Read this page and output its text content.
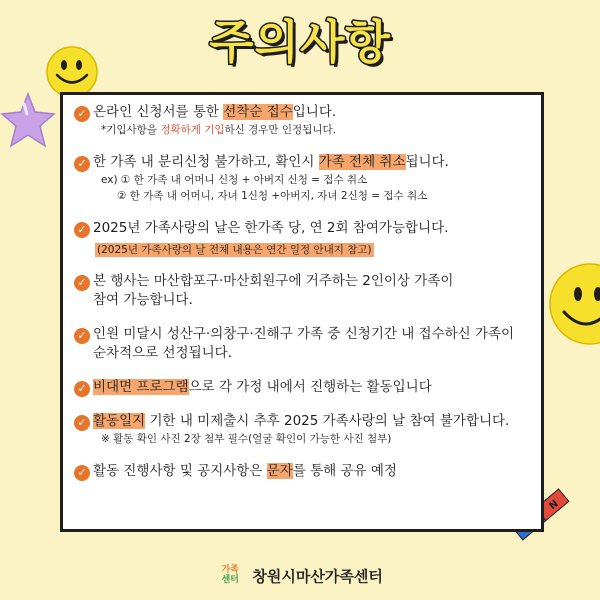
주의사항
N
✓ 온라인 신청서를 통한 선착순 접수입니다.
*기입사항을 정확하게 기입하신 경우만 인정됩니다.
✓ 한 가족 내 분리신청 불가하고, 확인시 가족 전체 취소됩니다.
ex) ① 한 가족 내 어머니 신청 + 아버지 신청 = 접수 취소
② 한 가족 내 어머니, 자녀 1신청 +아버지, 자녀 2신청 = 접수 취소
✓ 2025년 가족사랑의 날은 한가족 당, 연 2회 참여가능합니다.
(2025년 가족사랑의 날 전체 내용은 연간 일정 안내지 참고)
✓ 본 행사는 마산합포구·마산회원구에 거주하는 2인이상 가족이
참여 가능합니다.
✓ 인원 미달시 성산구·의창구·진해구 가족 중 신청기간 내 접수하신 가족이
순차적으로 선정됩니다.
✓ 비대면 프로그램으로 각 가정 내에서 진행하는 활동입니다
✓ 활동일지 기한 내 미제출시 추후 2025 가족사랑의 날 참여 불가합니다.
※ 활동 확인 사진 2장 첨부 필수(얼굴 확인이 가능한 사진 첨부)
✓ 활동 진행사항 및 공지사항은 문자를 통해 공유 예정
가족
센터 창원시마산가족센터
